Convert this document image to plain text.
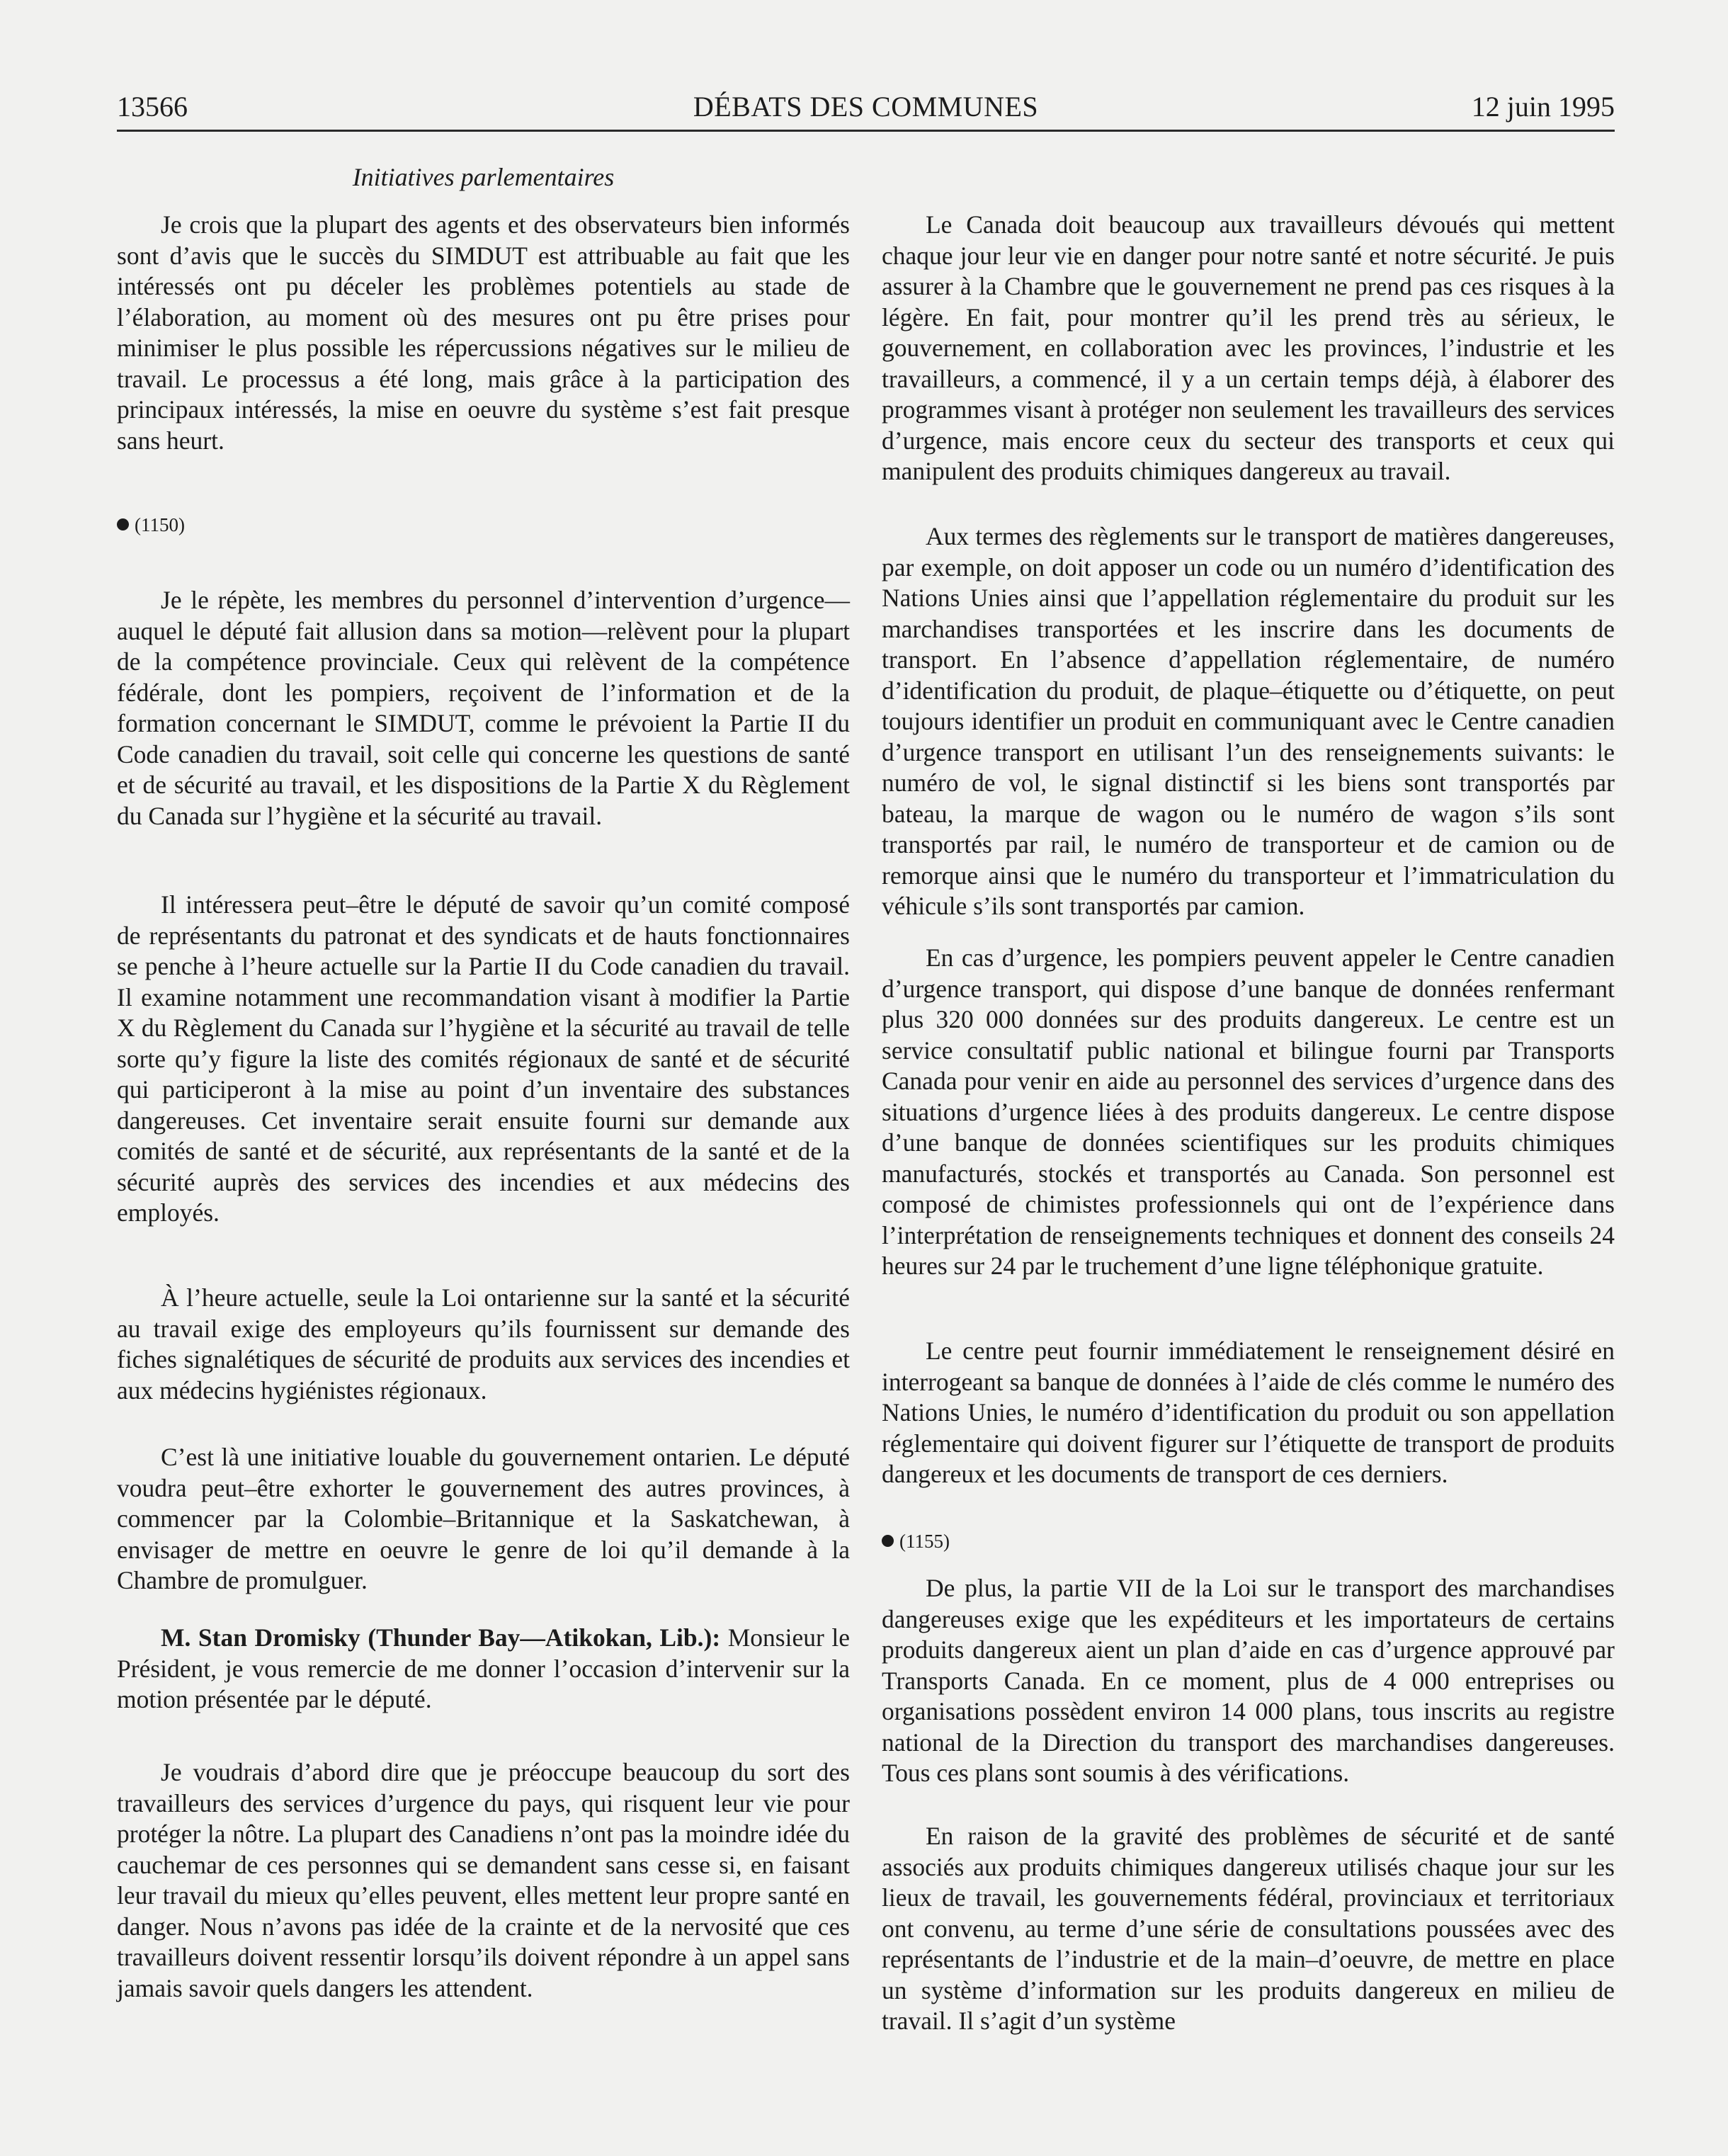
13566	DÉBATS DES COMMUNES	12 juin 1995
Initiatives parlementaires

Je crois que la plupart des agents et des observateurs bien informés sont d’avis que le succès du SIMDUT est attribuable au fait que les intéressés ont pu déceler les problèmes potentiels au stade de l’élaboration, au moment où des mesures ont pu être prises pour minimiser le plus possible les répercussions négatives sur le milieu de travail. Le processus a été long, mais grâce à la participation des principaux intéressés, la mise en oeuvre du système s’est fait presque sans heurt.

(1150)

Je le répète, les membres du personnel d’intervention d’urgence—auquel le député fait allusion dans sa motion—relèvent pour la plupart de la compétence provinciale. Ceux qui relèvent de la compétence fédérale, dont les pompiers, reçoivent de l’information et de la formation concernant le SIMDUT, comme le prévoient la Partie II du Code canadien du travail, soit celle qui concerne les questions de santé et de sécurité au travail, et les dispositions de la Partie X du Règlement du Canada sur l’hygiène et la sécurité au travail.

Il intéressera peut–être le député de savoir qu’un comité composé de représentants du patronat et des syndicats et de hauts fonctionnaires se penche à l’heure actuelle sur la Partie II du Code canadien du travail. Il examine notamment une recommandation visant à modifier la Partie X du Règlement du Canada sur l’hygiène et la sécurité au travail de telle sorte qu’y figure la liste des comités régionaux de santé et de sécurité qui participeront à la mise au point d’un inventaire des substances dangereuses. Cet inventaire serait ensuite fourni sur demande aux comités de santé et de sécurité, aux représentants de la santé et de la sécurité auprès des services des incendies et aux médecins des employés.

À l’heure actuelle, seule la Loi ontarienne sur la santé et la sécurité au travail exige des employeurs qu’ils fournissent sur demande des fiches signalétiques de sécurité de produits aux services des incendies et aux médecins hygiénistes régionaux.

C’est là une initiative louable du gouvernement ontarien. Le député voudra peut–être exhorter le gouvernement des autres provinces, à commencer par la Colombie–Britannique et la Saskatchewan, à envisager de mettre en oeuvre le genre de loi qu’il demande à la Chambre de promulguer.

M. Stan Dromisky (Thunder Bay—Atikokan, Lib.): Monsieur le Président, je vous remercie de me donner l’occasion d’intervenir sur la motion présentée par le député.

Je voudrais d’abord dire que je préoccupe beaucoup du sort des travailleurs des services d’urgence du pays, qui risquent leur vie pour protéger la nôtre. La plupart des Canadiens n’ont pas la moindre idée du cauchemar de ces personnes qui se demandent sans cesse si, en faisant leur travail du mieux qu’elles peuvent, elles mettent leur propre santé en danger. Nous n’avons pas idée de la crainte et de la nervosité que ces travailleurs doivent ressentir lorsqu’ils doivent répondre à un appel sans jamais savoir quels dangers les attendent.

Le Canada doit beaucoup aux travailleurs dévoués qui mettent chaque jour leur vie en danger pour notre santé et notre sécurité. Je puis assurer à la Chambre que le gouvernement ne prend pas ces risques à la légère. En fait, pour montrer qu’il les prend très au sérieux, le gouvernement, en collaboration avec les provinces, l’industrie et les travailleurs, a commencé, il y a un certain temps déjà, à élaborer des programmes visant à protéger non seulement les travailleurs des services d’urgence, mais encore ceux du secteur des transports et ceux qui manipulent des produits chimiques dangereux au travail.

Aux termes des règlements sur le transport de matières dangereuses, par exemple, on doit apposer un code ou un numéro d’identification des Nations Unies ainsi que l’appellation réglementaire du produit sur les marchandises transportées et les inscrire dans les documents de transport. En l’absence d’appellation réglementaire, de numéro d’identification du produit, de plaque–étiquette ou d’étiquette, on peut toujours identifier un produit en communiquant avec le Centre canadien d’urgence transport en utilisant l’un des renseignements suivants: le numéro de vol, le signal distinctif si les biens sont transportés par bateau, la marque de wagon ou le numéro de wagon s’ils sont transportés par rail, le numéro de transporteur et de camion ou de remorque ainsi que le numéro du transporteur et l’immatriculation du véhicule s’ils sont transportés par camion.

En cas d’urgence, les pompiers peuvent appeler le Centre canadien d’urgence transport, qui dispose d’une banque de données renfermant plus 320 000 données sur des produits dangereux. Le centre est un service consultatif public national et bilingue fourni par Transports Canada pour venir en aide au personnel des services d’urgence dans des situations d’urgence liées à des produits dangereux. Le centre dispose d’une banque de données scientifiques sur les produits chimiques manufacturés, stockés et transportés au Canada. Son personnel est composé de chimistes professionnels qui ont de l’expérience dans l’interprétation de renseignements techniques et donnent des conseils 24 heures sur 24 par le truchement d’une ligne téléphonique gratuite.

Le centre peut fournir immédiatement le renseignement désiré en interrogeant sa banque de données à l’aide de clés comme le numéro des Nations Unies, le numéro d’identification du produit ou son appellation réglementaire qui doivent figurer sur l’étiquette de transport de produits dangereux et les documents de transport de ces derniers.

(1155)

De plus, la partie VII de la Loi sur le transport des marchandises dangereuses exige que les expéditeurs et les importateurs de certains produits dangereux aient un plan d’aide en cas d’urgence approuvé par Transports Canada. En ce moment, plus de 4 000 entreprises ou organisations possèdent environ 14 000 plans, tous inscrits au registre national de la Direction du transport des marchandises dangereuses. Tous ces plans sont soumis à des vérifications.

En raison de la gravité des problèmes de sécurité et de santé associés aux produits chimiques dangereux utilisés chaque jour sur les lieux de travail, les gouvernements fédéral, provinciaux et territoriaux ont convenu, au terme d’une série de consultations poussées avec des représentants de l’industrie et de la main–d’oeuvre, de mettre en place un système d’information sur les produits dangereux en milieu de travail. Il s’agit d’un système
